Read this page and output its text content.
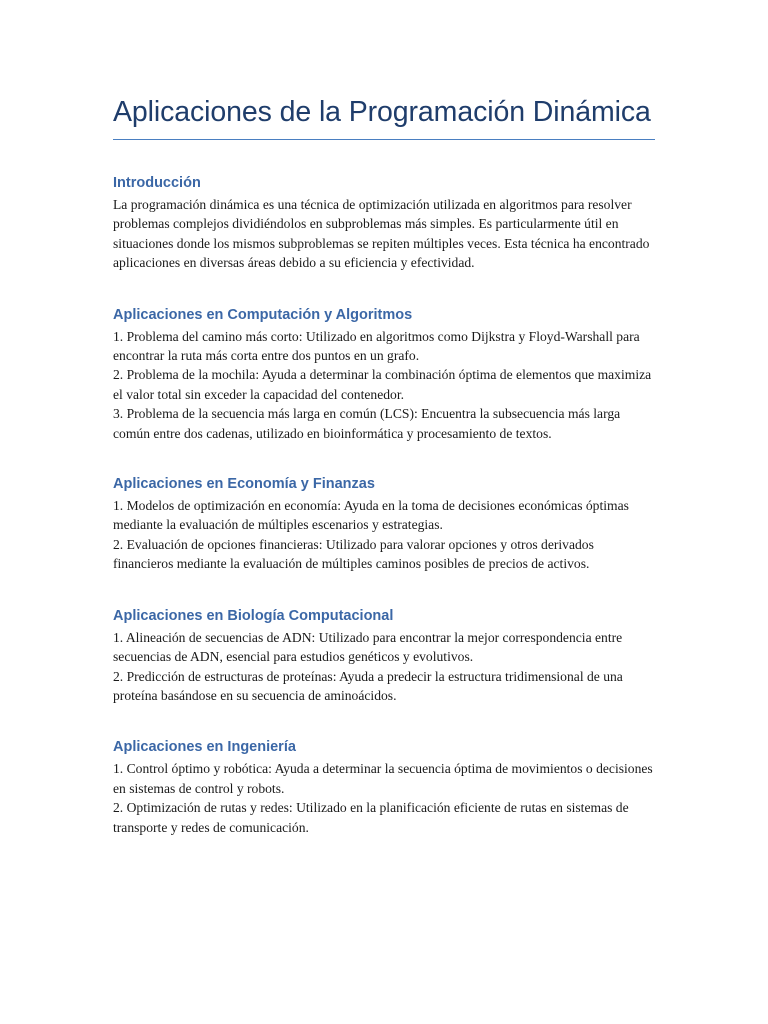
Aplicaciones de la Programación Dinámica
Introducción

La programación dinámica es una técnica de optimización utilizada en algoritmos para resolver problemas complejos dividiéndolos en subproblemas más simples. Es particularmente útil en situaciones donde los mismos subproblemas se repiten múltiples veces. Esta técnica ha encontrado aplicaciones en diversas áreas debido a su eficiencia y efectividad.

Aplicaciones en Computación y Algoritmos

1. Problema del camino más corto: Utilizado en algoritmos como Dijkstra y Floyd-Warshall para encontrar la ruta más corta entre dos puntos en un grafo.

2. Problema de la mochila: Ayuda a determinar la combinación óptima de elementos que maximiza el valor total sin exceder la capacidad del contenedor.

3. Problema de la secuencia más larga en común (LCS): Encuentra la subsecuencia más larga común entre dos cadenas, utilizado en bioinformática y procesamiento de textos.

Aplicaciones en Economía y Finanzas

1. Modelos de optimización en economía: Ayuda en la toma de decisiones económicas óptimas mediante la evaluación de múltiples escenarios y estrategias.

2. Evaluación de opciones financieras: Utilizado para valorar opciones y otros derivados financieros mediante la evaluación de múltiples caminos posibles de precios de activos.

Aplicaciones en Biología Computacional

1. Alineación de secuencias de ADN: Utilizado para encontrar la mejor correspondencia entre secuencias de ADN, esencial para estudios genéticos y evolutivos.

2. Predicción de estructuras de proteínas: Ayuda a predecir la estructura tridimensional de una proteína basándose en su secuencia de aminoácidos.

Aplicaciones en Ingeniería

1. Control óptimo y robótica: Ayuda a determinar la secuencia óptima de movimientos o decisiones en sistemas de control y robots.

2. Optimización de rutas y redes: Utilizado en la planificación eficiente de rutas en sistemas de transporte y redes de comunicación.
